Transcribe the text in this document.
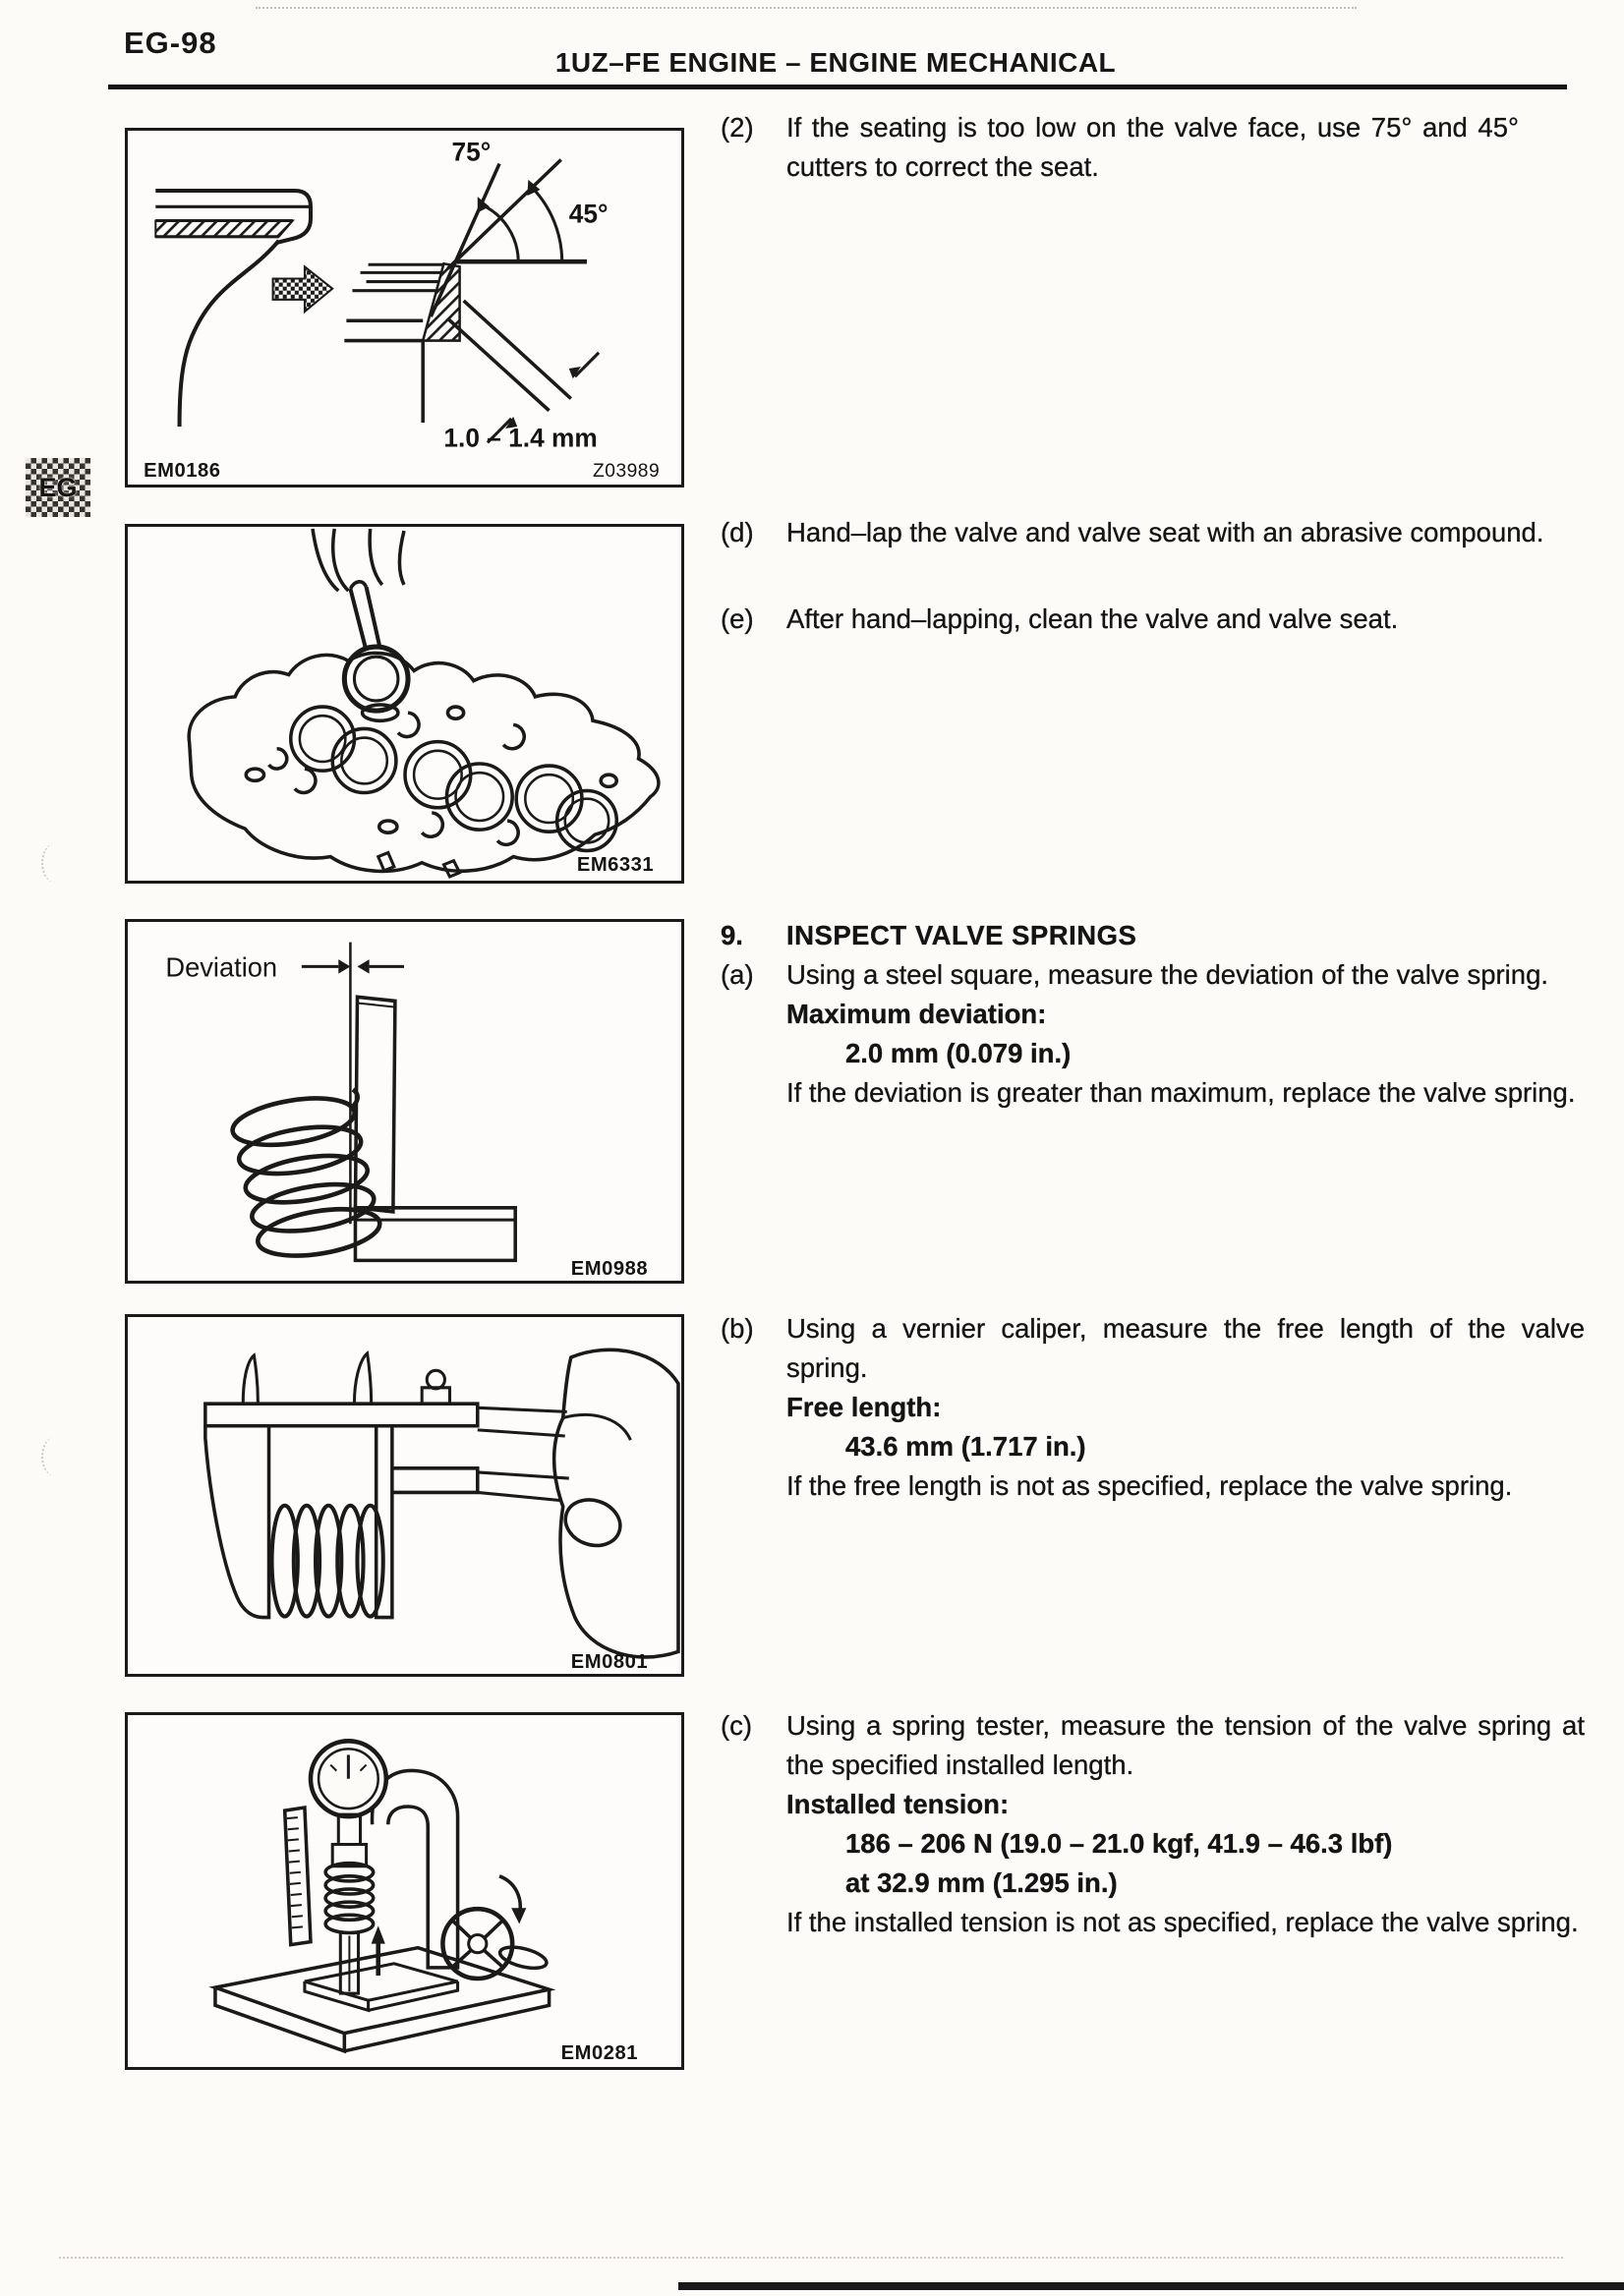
EG-98
1UZ–FE ENGINE – ENGINE MECHANICAL
EG
75°
45°
1.0 – 1.4 mm
EM0186	Z03989
EM6331
Deviation
EM0988
EM0801
EM0281
(2)	If the seating is too low on the valve face, use 75° and 45° cutters to correct the seat.
(d)	Hand–lap the valve and valve seat with an abrasive compound.
(e)	After hand–lapping, clean the valve and valve seat.
9.	INSPECT VALVE SPRINGS
(a)	Using a steel square, measure the deviation of the valve spring.
Maximum deviation:
2.0 mm (0.079 in.)
If the deviation is greater than maximum, replace the valve spring.
(b)	Using a vernier caliper, measure the free length of the valve spring.
Free length:
43.6 mm (1.717 in.)
If the free length is not as specified, replace the valve spring.
(c)	Using a spring tester, measure the tension of the valve spring at the specified installed length.
Installed tension:
186 – 206 N (19.0 – 21.0 kgf, 41.9 – 46.3 lbf)
at 32.9 mm (1.295 in.)
If the installed tension is not as specified, replace the valve spring.
